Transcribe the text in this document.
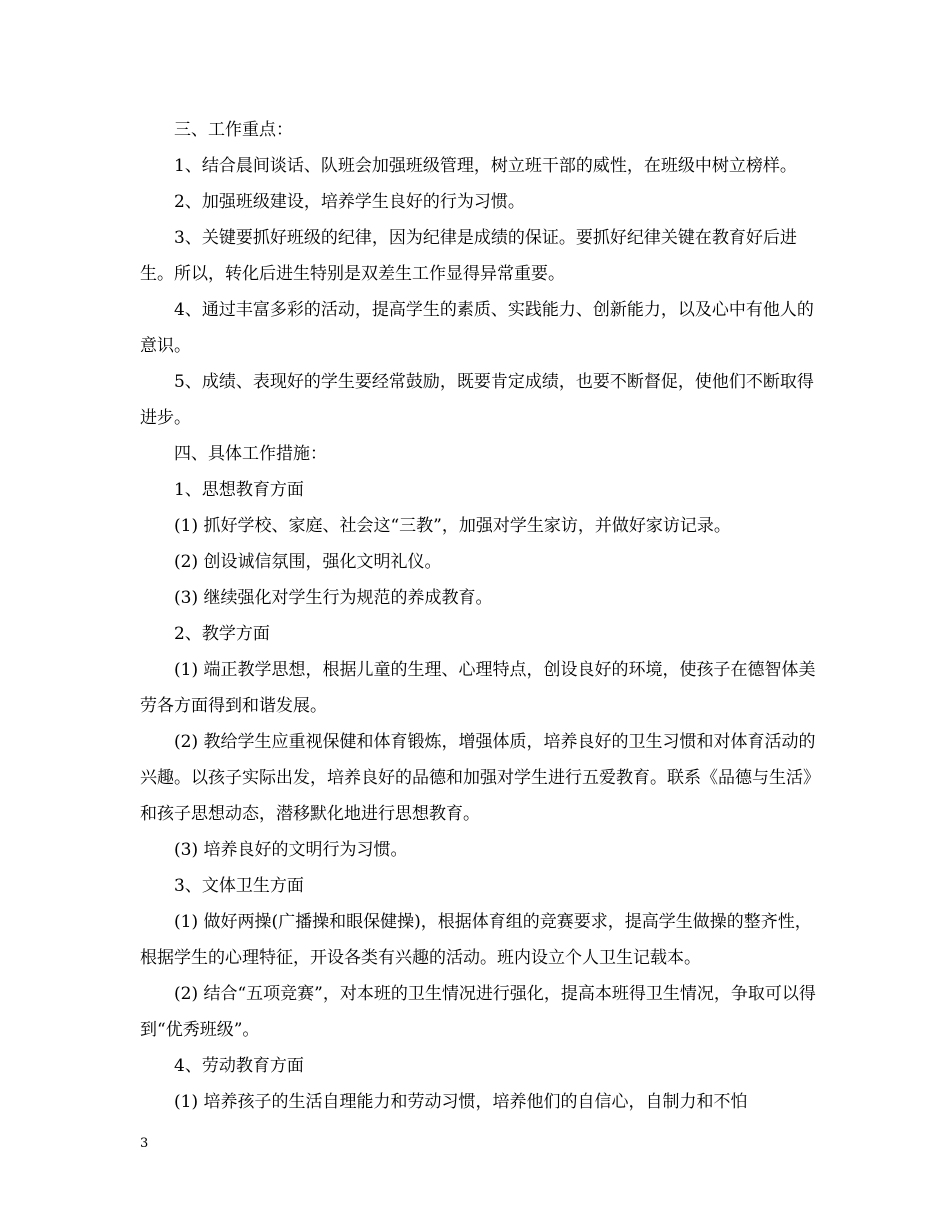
三、工作重点：

1、结合晨间谈话、队班会加强班级管理，树立班干部的威性，在班级中树立榜样。

2、加强班级建设，培养学生良好的行为习惯。

3、关键要抓好班级的纪律，因为纪律是成绩的保证。要抓好纪律关键在教育好后进生。所以，转化后进生特别是双差生工作显得异常重要。

4、通过丰富多彩的活动，提高学生的素质、实践能力、创新能力，以及心中有他人的意识。

5、成绩、表现好的学生要经常鼓励，既要肯定成绩，也要不断督促，使他们不断取得进步。

四、具体工作措施：

1、思想教育方面

(1) 抓好学校、家庭、社会这“三教”，加强对学生家访，并做好家访记录。

(2) 创设诚信氛围，强化文明礼仪。

(3) 继续强化对学生行为规范的养成教育。

2、教学方面

(1) 端正教学思想，根据儿童的生理、心理特点，创设良好的环境，使孩子在德智体美劳各方面得到和谐发展。

(2) 教给学生应重视保健和体育锻炼，增强体质，培养良好的卫生习惯和对体育活动的兴趣。以孩子实际出发，培养良好的品德和加强对学生进行五爱教育。联系《品德与生活》和孩子思想动态，潜移默化地进行思想教育。

(3) 培养良好的文明行为习惯。

3、文体卫生方面

(1) 做好两操(广播操和眼保健操)，根据体育组的竞赛要求，提高学生做操的整齐性，根据学生的心理特征，开设各类有兴趣的活动。班内设立个人卫生记载本。

(2) 结合“五项竞赛”，对本班的卫生情况进行强化，提高本班得卫生情况，争取可以得到“优秀班级”。

4、劳动教育方面

(1) 培养孩子的生活自理能力和劳动习惯，培养他们的自信心，自制力和不怕

3
